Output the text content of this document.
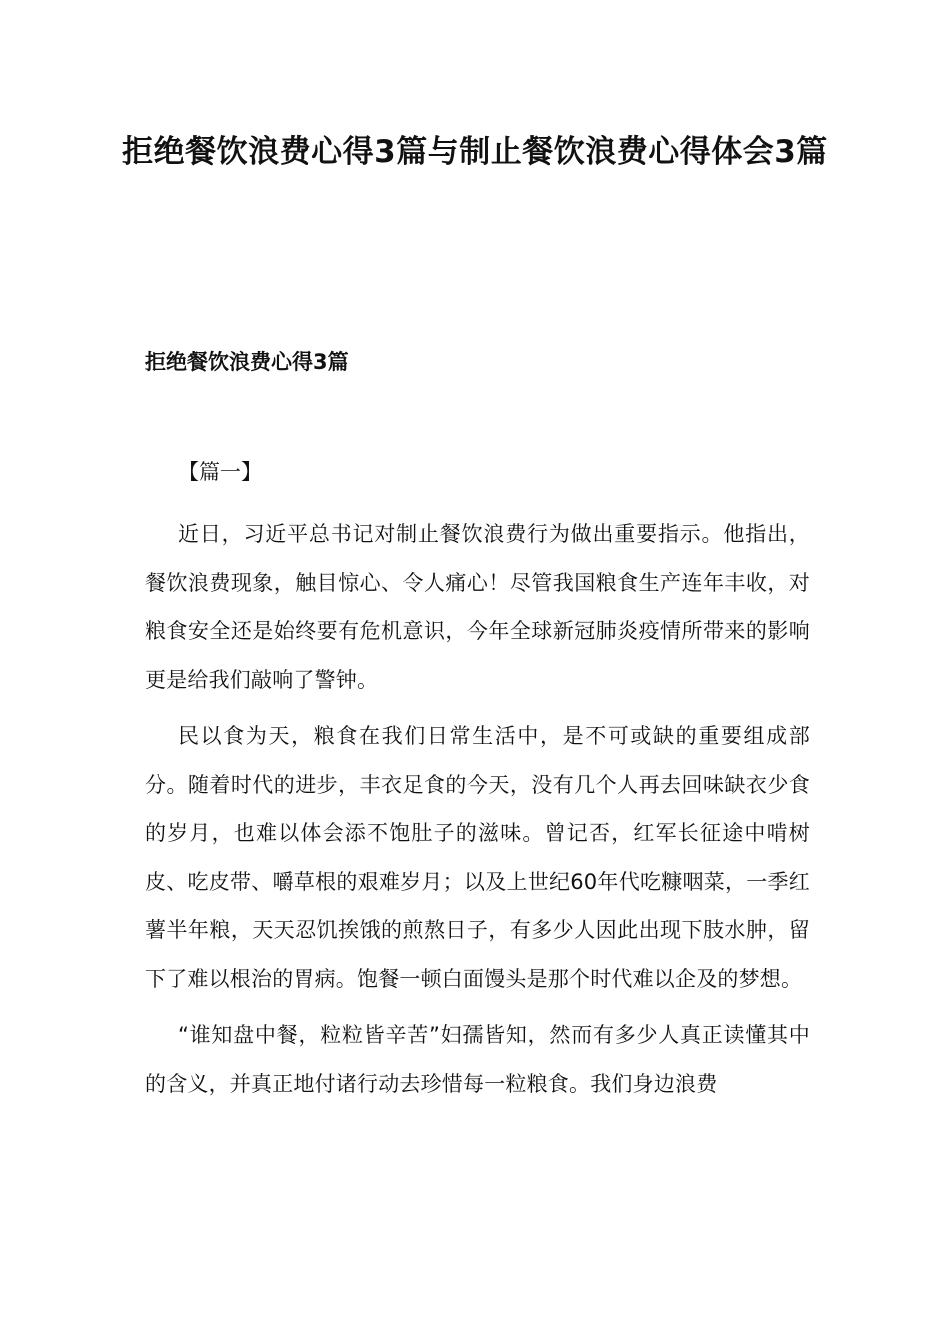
拒绝餐饮浪费心得3篇与制止餐饮浪费心得体会3篇
拒绝餐饮浪费心得3篇

【篇一】

近日，习近平总书记对制止餐饮浪费行为做出重要指示。他指出，餐饮浪费现象，触目惊心、令人痛心！尽管我国粮食生产连年丰收，对粮食安全还是始终要有危机意识，今年全球新冠肺炎疫情所带来的影响更是给我们敲响了警钟。

民以食为天，粮食在我们日常生活中，是不可或缺的重要组成部分。随着时代的进步，丰衣足食的今天，没有几个人再去回味缺衣少食的岁月，也难以体会添不饱肚子的滋味。曾记否，红军长征途中啃树皮、吃皮带、嚼草根的艰难岁月；以及上世纪60年代吃糠咽菜，一季红薯半年粮，天天忍饥挨饿的煎熬日子，有多少人因此出现下肢水肿，留下了难以根治的胃病。饱餐一顿白面馒头是那个时代难以企及的梦想。

“谁知盘中餐，粒粒皆辛苦”妇孺皆知，然而有多少人真正读懂其中的含义，并真正地付诸行动去珍惜每一粒粮食。我们身边浪费
